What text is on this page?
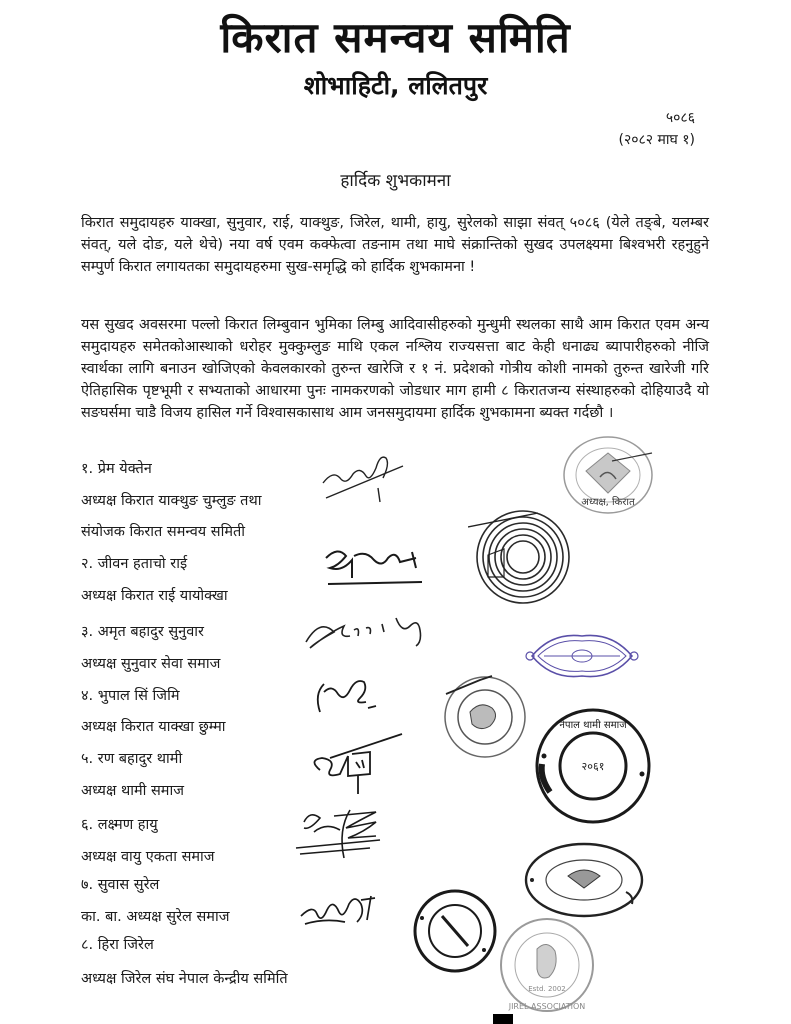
किरात समन्वय समिति
शोभाहिटी, ललितपुर
५०८६
(२०८२ माघ १)
हार्दिक शुभकामना

किरात समुदायहरु याक्खा, सुनुवार, राई, याक्थुङ, जिरेल, थामी, हायु, सुरेलको साझा संवत् ५०८६ (येले तङ्बे, यलम्बर संवत्, यले दोङ, यले थेचे) नया वर्ष एवम कक्फेत्वा तङनाम तथा माघे संक्रान्तिको सुखद उपलक्ष्यमा बिश्वभरी रहनुहुने सम्पुर्ण किरात लगायतका समुदायहरुमा सुख-समृद्धि को हार्दिक शुभकामना !

यस सुखद अवसरमा पल्लो किरात लिम्बुवान भुमिका लिम्बु आदिवासीहरुको मुन्धुमी स्थलका साथै आम किरात एवम अन्य समुदायहरु समेतकोआस्थाको धरोहर मुक्कुम्लुङ माथि एकल नश्लिय राज्यसत्ता बाट केही धनाढ्य ब्यापारीहरुको नीजि स्वार्थका लागि बनाउन खोजिएको केवलकारको तुरुन्त खारेजि र १ नं. प्रदेशको गोत्रीय कोशी नामको तुरुन्त खारेजी गरि ऐतिहासिक पृष्टभूमी र सभ्यताको आधारमा पुनः नामकरणको जोडधार माग हामी ८ किरातजन्य संस्थाहरुको दोहियाउदै यो सङघर्समा चाडै विजय हासिल गर्ने विश्वासकासाथ आम जनसमुदायमा हार्दिक शुभकामना ब्यक्त गर्दछौ ।

१. प्रेम येक्तेन
अध्यक्ष किरात याक्थुङ चुम्लुङ तथा
संयोजक किरात समन्वय समिती
२. जीवन हताचो राई
अध्यक्ष किरात राई यायोक्खा
३. अमृत बहादुर सुनुवार
अध्यक्ष सुनुवार सेवा समाज
४. भुपाल सिं जिमि
अध्यक्ष किरात याक्खा छुम्मा
५. रण बहादुर थामी
अध्यक्ष थामी समाज
६. लक्ष्मण हायु
अध्यक्ष वायु एकता समाज
७. सुवास सुरेल
का. बा. अध्यक्ष सुरेल समाज
८. हिरा जिरेल
अध्यक्ष जिरेल संघ नेपाल केन्द्रीय समिति
अध्यक्ष, किरात
नेपाल थामी समाज
२०६१
JIREL ASSOCIATION
Estd. 2002
